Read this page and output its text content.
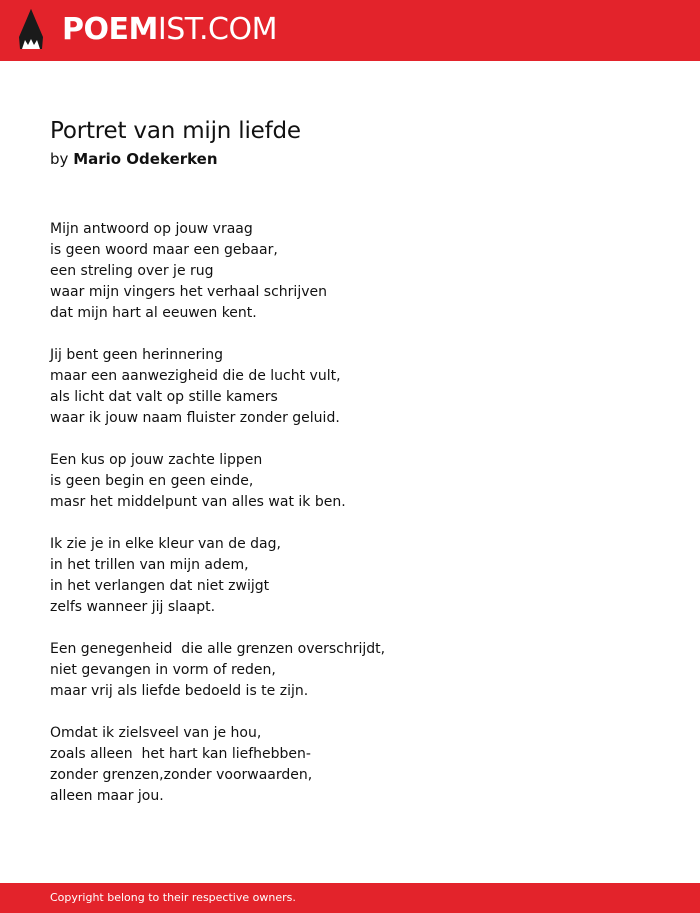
POEMIST.COM
Portret van mijn liefde
by Mario Odekerken
Mijn antwoord op jouw vraag
is geen woord maar een gebaar,
een streling over je rug
waar mijn vingers het verhaal schrijven
dat mijn hart al eeuwen kent.
Jij bent geen herinnering
maar een aanwezigheid die de lucht vult,
als licht dat valt op stille kamers
waar ik jouw naam fluister zonder geluid.
Een kus op jouw zachte lippen
is geen begin en geen einde,
masr het middelpunt van alles wat ik ben.
Ik zie je in elke kleur van de dag,
in het trillen van mijn adem,
in het verlangen dat niet zwijgt
zelfs wanneer jij slaapt.
Een genegenheid  die alle grenzen overschrijdt,
niet gevangen in vorm of reden,
maar vrij als liefde bedoeld is te zijn.
Omdat ik zielsveel van je hou,
zoals alleen  het hart kan liefhebben-
zonder grenzen,zonder voorwaarden,
alleen maar jou.
Copyright belong to their respective owners.
